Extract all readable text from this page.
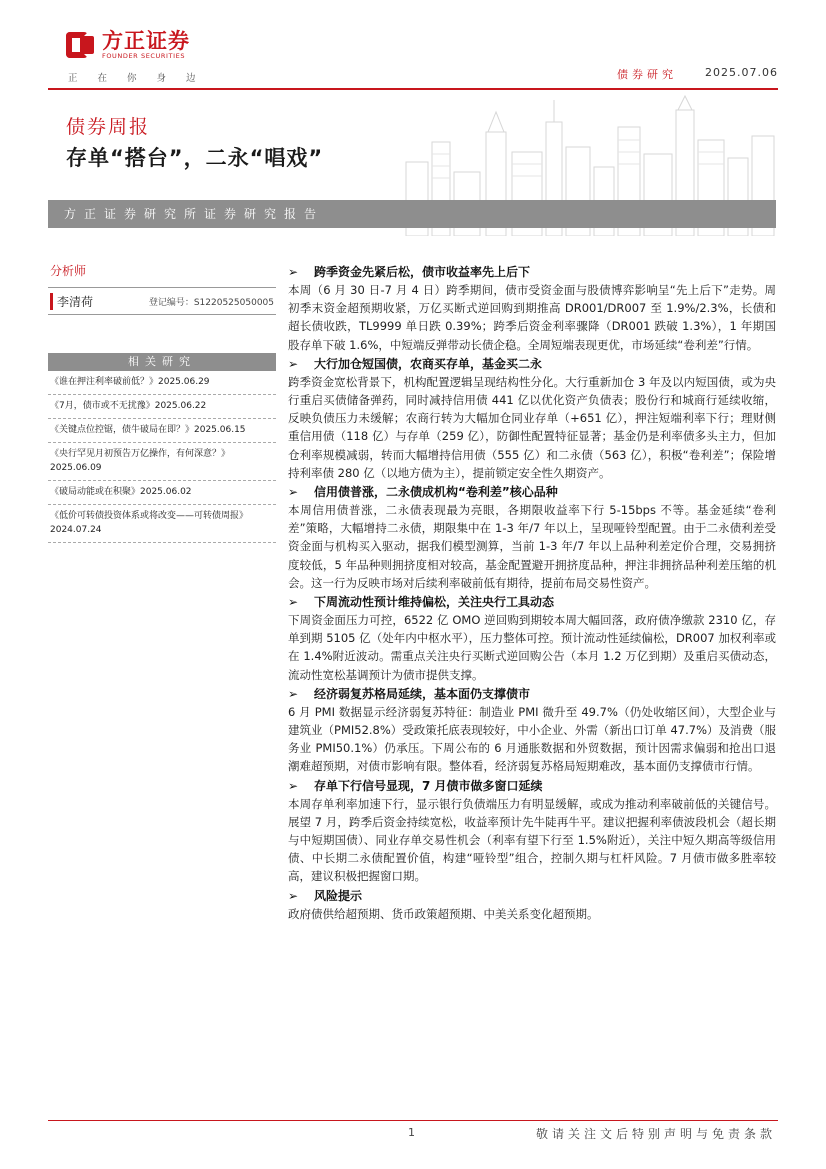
方正证券
FOUNDER SECURITIES
正在你身边	债券研究	2025.07.06
债券周报
存单“搭台”，二永“唱戏”
方正证券研究所证券研究报告
分析师
李清荷	登记编号：S1220525050005
相关研究
《谁在押注利率破前低？》2025.06.29
《7月，债市或不无扰豫》2025.06.22
《关键点位控锯，债牛破局在即？》2025.06.15
《央行罕见月初预告万亿操作，有何深意？》2025.06.09
《破局动能或在积聚》2025.06.02
《低价可转债投资体系或将改变——可转债周报》2024.07.24
➢	跨季资金先紧后松，债市收益率先上后下

本周（6 月 30 日-7 月 4 日）跨季期间，债市受资金面与股债博弈影响呈“先上后下”走势。周初季末资金超预期收紧，万亿买断式逆回购到期推高 DR001/DR007 至 1.9%/2.3%，长债和超长债收跌，TL9999 单日跌 0.39%；跨季后资金利率骤降（DR001 跌破 1.3%），1 年期国股存单下破 1.6%，中短端反弹带动长债企稳。全周短端表现更优，市场延续“卷利差”行情。

➢	大行加仓短国债，农商买存单，基金买二永

跨季资金宽松背景下，机构配置逻辑呈现结构性分化。大行重新加仓 3 年及以内短国债，或为央行重启买债储备弹药，同时减持信用债 441 亿以优化资产负债表；股份行和城商行延续收缩，反映负债压力未缓解；农商行转为大幅加仓同业存单（+651 亿），押注短端利率下行；理财侧重信用债（118 亿）与存单（259 亿），防御性配置特征显著；基金仍是利率债多头主力，但加仓利率规模减弱，转而大幅增持信用债（555 亿）和二永债（563 亿），积极“卷利差”；保险增持利率债 280 亿（以地方债为主），提前锁定安全性久期资产。

➢	信用债普涨，二永债成机构“卷利差”核心品种

本周信用债普涨，二永债表现最为亮眼，各期限收益率下行 5-15bps 不等。基金延续“卷利差”策略，大幅增持二永债，期限集中在 1-3 年/7 年以上，呈现哑铃型配置。由于二永债利差受资金面与机构买入驱动，据我们模型测算，当前 1-3 年/7 年以上品种利差定价合理，交易拥挤度较低，5 年品种则拥挤度相对较高，基金配置避开拥挤度品种，押注非拥挤品种利差压缩的机会。这一行为反映市场对后续利率破前低有期待，提前布局交易性资产。

➢	下周流动性预计维持偏松，关注央行工具动态

下周资金面压力可控，6522 亿 OMO 逆回购到期较本周大幅回落，政府债净缴款 2310 亿，存单到期 5105 亿（处年内中枢水平），压力整体可控。预计流动性延续偏松，DR007 加权利率或在 1.4%附近波动。需重点关注央行买断式逆回购公告（本月 1.2 万亿到期）及重启买债动态，流动性宽松基调预计为债市提供支撑。

➢	经济弱复苏格局延续，基本面仍支撑债市

6 月 PMI 数据显示经济弱复苏特征：制造业 PMI 微升至 49.7%（仍处收缩区间），大型企业与建筑业（PMI52.8%）受政策托底表现较好，中小企业、外需（新出口订单 47.7%）及消费（服务业 PMI50.1%）仍承压。下周公布的 6 月通胀数据和外贸数据，预计因需求偏弱和抢出口退潮难超预期，对债市影响有限。整体看，经济弱复苏格局短期难改，基本面仍支撑债市行情。

➢	存单下行信号显现，7 月债市做多窗口延续

本周存单利率加速下行，显示银行负债端压力有明显缓解，或成为推动利率破前低的关键信号。展望 7 月，跨季后资金持续宽松，收益率预计先牛陡再牛平。建议把握利率债波段机会（超长期与中短期国债）、同业存单交易性机会（利率有望下行至 1.5%附近），关注中短久期高等级信用债、中长期二永债配置价值，构建“哑铃型”组合，控制久期与杠杆风险。7 月债市做多胜率较高，建议积极把握窗口期。

➢	风险提示

政府债供给超预期、货币政策超预期、中美关系变化超预期。

1	敬请关注文后特别声明与免责条款
